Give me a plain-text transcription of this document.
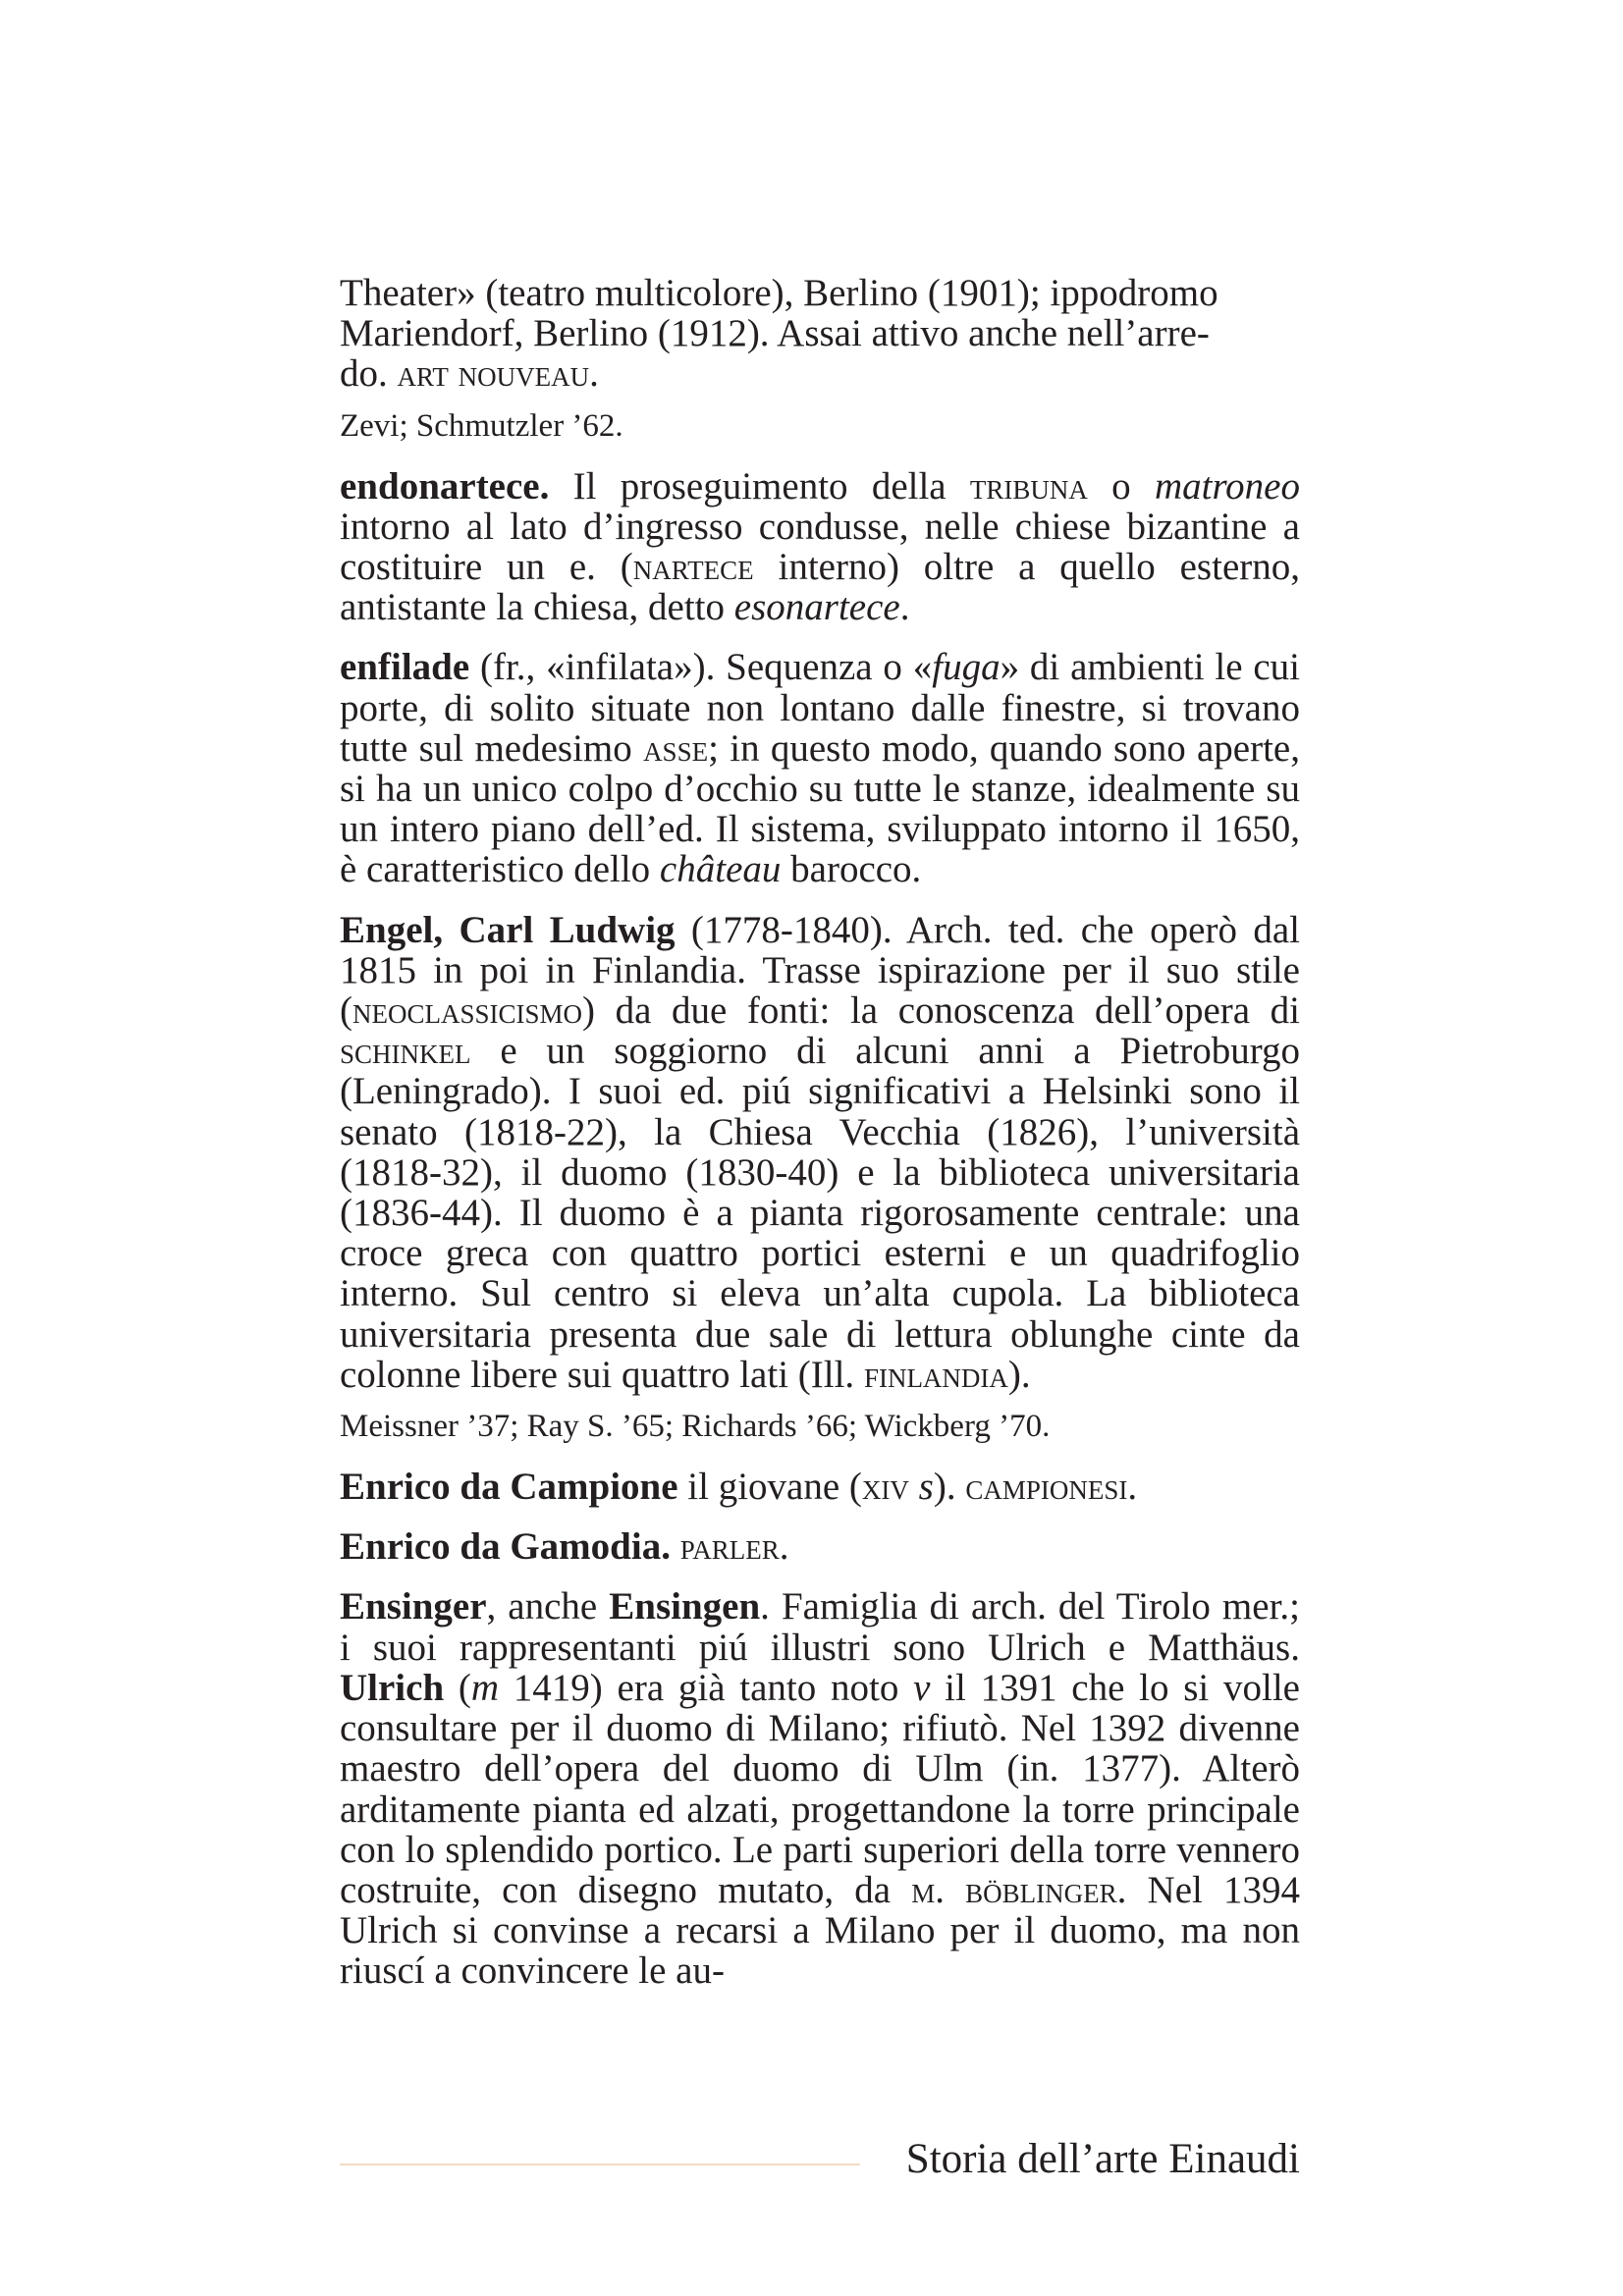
Theater» (teatro multicolore), Berlino (1901); ippodromo
Mariendorf, Berlino (1912). Assai attivo anche nell’arre-
do. art nouveau.

Zevi; Schmutzler ’62.

endonartece. Il proseguimento della tribuna o matroneo intorno al lato d’ingresso condusse, nelle chiese bizantine a costituire un e. (nartece interno) oltre a quello esterno, antistante la chiesa, detto esonartece.

enfilade (fr., «infilata»). Sequenza o «fuga» di ambienti le cui porte, di solito situate non lontano dalle finestre, si trovano tutte sul medesimo asse; in questo modo, quando sono aperte, si ha un unico colpo d’occhio su tutte le stanze, idealmente su un intero piano dell’ed. Il sistema, sviluppato intorno il 1650, è caratteristico dello château barocco.

Engel, Carl Ludwig (1778-1840). Arch. ted. che operò dal 1815 in poi in Finlandia. Trasse ispirazione per il suo stile (neoclassicismo) da due fonti: la conoscenza dell’opera di schinkel e un soggiorno di alcuni anni a Pietroburgo (Leningrado). I suoi ed. piú significativi a Helsinki sono il senato (1818-22), la Chiesa Vecchia (1826), l’università (1818-32), il duomo (1830-40) e la biblioteca universitaria (1836-44). Il duomo è a pianta rigorosamente centrale: una croce greca con quattro portici esterni e un quadrifoglio interno. Sul centro si eleva un’alta cupola. La biblioteca universitaria presenta due sale di lettura oblunghe cinte da colonne libere sui quattro lati (Ill. finlandia).

Meissner ’37; Ray S. ’65; Richards ’66; Wickberg ’70.

Enrico da Campione il giovane (xiv s). campionesi.

Enrico da Gamodia. parler.

Ensinger, anche Ensingen. Famiglia di arch. del Tirolo mer.; i suoi rappresentanti piú illustri sono Ulrich e Matthäus. Ulrich (m 1419) era già tanto noto v il 1391 che lo si volle consultare per il duomo di Milano; rifiutò. Nel 1392 divenne maestro dell’opera del duomo di Ulm (in. 1377). Alterò arditamente pianta ed alzati, progettandone la torre principale con lo splendido portico. Le parti superiori della torre vennero costruite, con disegno mutato, da m. böblinger. Nel 1394 Ulrich si convinse a recarsi a Milano per il duomo, ma non riuscí a convincere le au-

Storia dell’arte Einaudi
